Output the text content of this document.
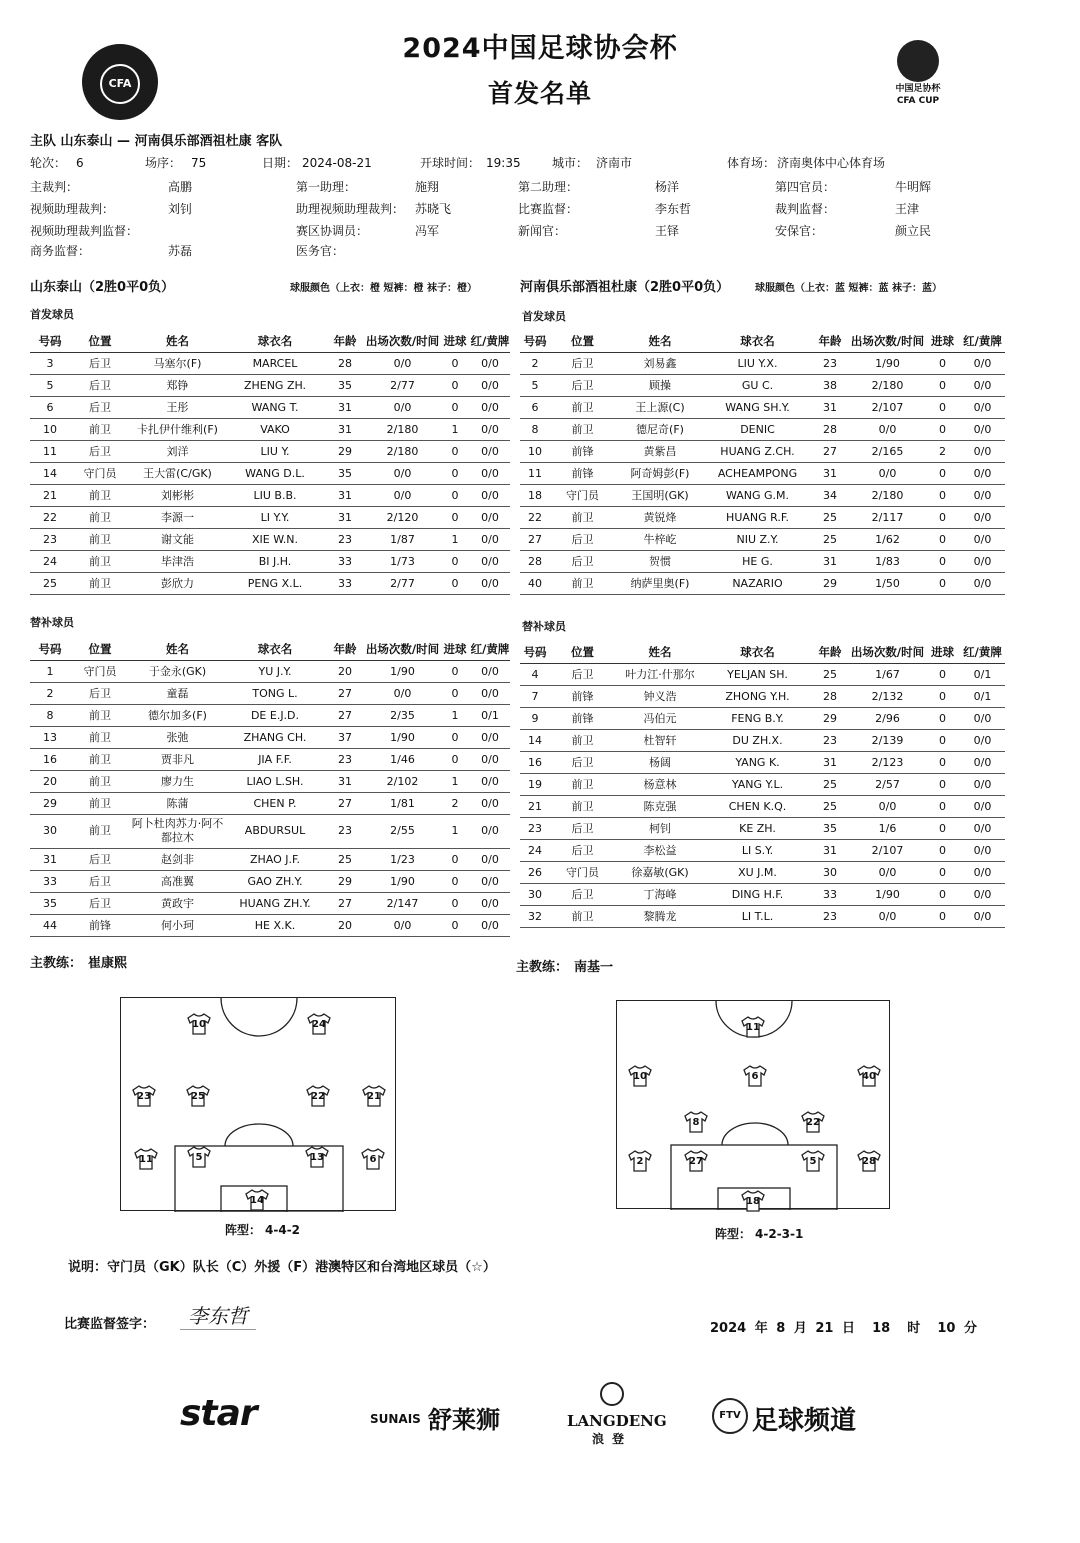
CFA
2024中国足球协会杯
首发名单	中国足协杯
CFA CUP
主队 山东泰山 — 河南俱乐部酒祖杜康 客队
轮次： 6	场序： 75	日期： 2024-08-21	开球时间： 19:35	城市： 济南市	体育场： 济南奥体中心体育场
主裁判：	高鹏	第一助理：	施翔	第二助理：	杨洋	第四官员：	牛明辉
视频助理裁判：	刘钊	助理视频助理裁判： 苏晓飞	比赛监督：	李东哲	裁判监督：	王津
视频助理裁判监督：	赛区协调员：	冯军	新闻官：	王铎	安保官：	颜立民
商务监督：	苏磊	医务官：
山东泰山（2胜0平0负）	球服颜色（上衣：橙 短裤：橙 袜子：橙）	河南俱乐部酒祖杜康（2胜0平0负）	球服颜色（上衣：蓝 短裤：蓝 袜子：蓝）
首发球员	首发球员
号码	位置	姓名	球衣名	年龄	出场次数/时间	进球	红/黄牌
3	后卫	马塞尔(F)	MARCEL	28	0/0	0	0/0
5	后卫	郑铮	ZHENG ZH.	35	2/77	0	0/0
6	后卫	王彤	WANG T.	31	0/0	0	0/0
10	前卫	卡扎伊什维利(F)	VAKO	31	2/180	1	0/0
11	后卫	刘洋	LIU Y.	29	2/180	0	0/0
14	守门员	王大雷(C/GK)	WANG D.L.	35	0/0	0	0/0
21	前卫	刘彬彬	LIU B.B.	31	0/0	0	0/0
22	前卫	李源一	LI Y.Y.	31	2/120	0	0/0
23	前卫	谢文能	XIE W.N.	23	1/87	1	0/0
24	前卫	毕津浩	BI J.H.	33	1/73	0	0/0
25	前卫	彭欣力	PENG X.L.	33	2/77	0	0/0
号码	位置	姓名	球衣名	年龄	出场次数/时间	进球	红/黄牌
2	后卫	刘易鑫	LIU Y.X.	23	1/90	0	0/0
5	后卫	顾操	GU C.	38	2/180	0	0/0
6	前卫	王上源(C)	WANG SH.Y.	31	2/107	0	0/0
8	前卫	德尼奇(F)	DENIC	28	0/0	0	0/0
10	前锋	黄紫昌	HUANG Z.CH.	27	2/165	2	0/0
11	前锋	阿奇姆彭(F)	ACHEAMPONG	31	0/0	0	0/0
18	守门员	王国明(GK)	WANG G.M.	34	2/180	0	0/0
22	前卫	黄锐烽	HUANG R.F.	25	2/117	0	0/0
27	后卫	牛梓屹	NIU Z.Y.	25	1/62	0	0/0
28	后卫	贺惯	HE G.	31	1/83	0	0/0
40	前卫	纳萨里奥(F)	NAZARIO	29	1/50	0	0/0
替补球员	替补球员
号码	位置	姓名	球衣名	年龄	出场次数/时间	进球	红/黄牌
1	守门员	于金永(GK)	YU J.Y.	20	1/90	0	0/0
2	后卫	童磊	TONG L.	27	0/0	0	0/0
8	前卫	德尔加多(F)	DE E.J.D.	27	2/35	1	0/1
13	前卫	张弛	ZHANG CH.	37	1/90	0	0/0
16	前卫	贾非凡	JIA F.F.	23	1/46	0	0/0
20	前卫	廖力生	LIAO L.SH.	31	2/102	1	0/0
29	前卫	陈蒲	CHEN P.	27	1/81	2	0/0
30	前卫	阿卜杜肉苏力·阿不都拉木	ABDURSUL	23	2/55	1	0/0
31	后卫	赵剑非	ZHAO J.F.	25	1/23	0	0/0
33	后卫	高准翼	GAO ZH.Y.	29	1/90	0	0/0
35	后卫	黄政宇	HUANG ZH.Y.	27	2/147	0	0/0
44	前锋	何小珂	HE X.K.	20	0/0	0	0/0
号码	位置	姓名	球衣名	年龄	出场次数/时间	进球	红/黄牌
4	后卫	叶力江·什那尔	YELJAN SH.	25	1/67	0	0/1
7	前锋	钟义浩	ZHONG Y.H.	28	2/132	0	0/1
9	前锋	冯伯元	FENG B.Y.	29	2/96	0	0/0
14	前卫	杜智轩	DU ZH.X.	23	2/139	0	0/0
16	后卫	杨阔	YANG K.	31	2/123	0	0/0
19	前卫	杨意林	YANG Y.L.	25	2/57	0	0/0
21	前卫	陈克强	CHEN K.Q.	25	0/0	0	0/0
23	后卫	柯钊	KE ZH.	35	1/6	0	0/0
24	后卫	李松益	LI S.Y.	31	2/107	0	0/0
26	守门员	徐嘉敏(GK)	XU J.M.	30	0/0	0	0/0
30	后卫	丁海峰	DING H.F.	33	1/90	0	0/0
32	前卫	黎腾龙	LI T.L.	23	0/0	0	0/0
主教练： 崔康熙	主教练： 南基一
10	24
23	25	22	21
11	5	13	6
14
阵型： 4-4-2
11
10	6	40
8	22
2	27	5	28
18
阵型： 4-2-3-1
说明：守门员（GK）队长（C）外援（F）港澳特区和台湾地区球员（☆）
比赛监督签字：	李东哲
2024 年 8 月 21 日 18 时 10 分
star	SUNAIS 舒莱狮	LANGDENG
浪登
FTV 足球频道
